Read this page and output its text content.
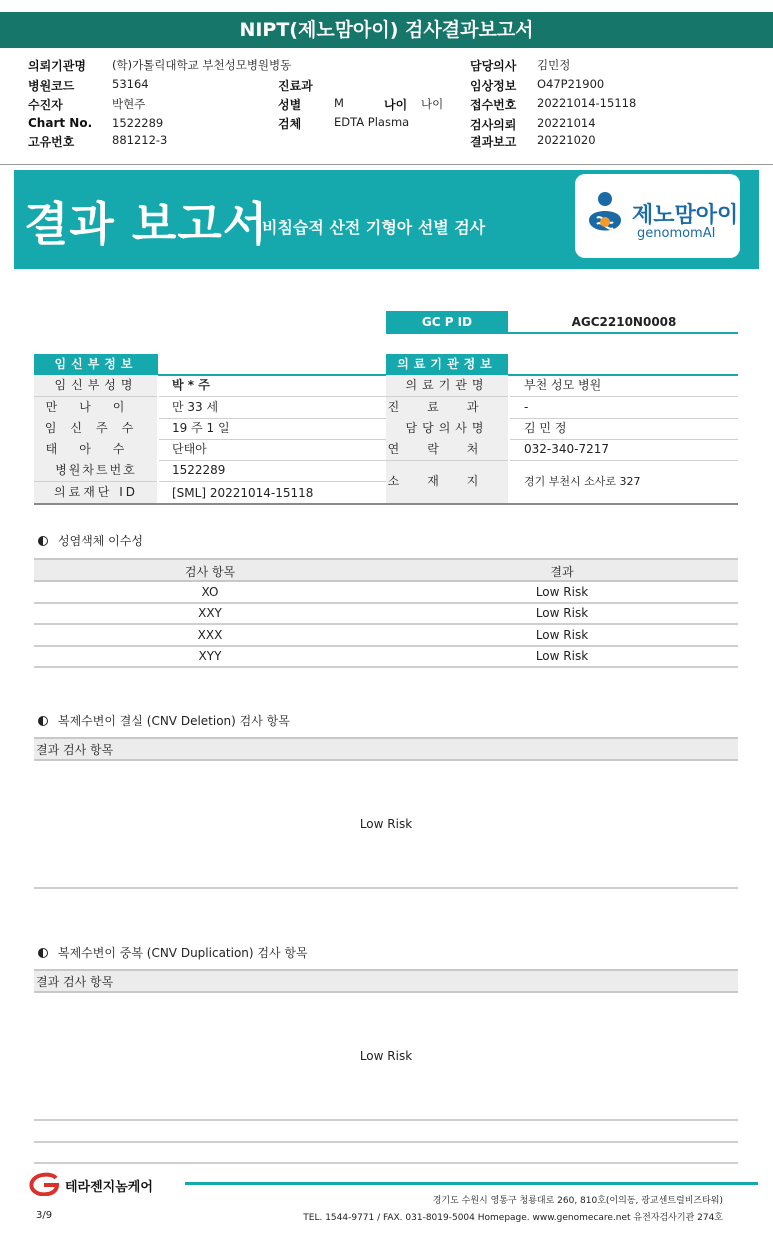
NIPT(제노맘아이) 검사결과보고서
의뢰기관명 (학)가톨릭대학교 부천성모병원병동	담당의사 김민정
병원코드	53164	진료과	임상정보 O47P21900
수진자	박현주	성별	M	나이 나이 접수번호 20221014-15118
Chart No. 1522289	검체	EDTA Plasma	검사의뢰 20221014
고유번호	881212-3	결과보고 20221020
결과 보고서
비침습적 산전 기형아 선별 검사	제노맘아이
genomomAI
GC P ID	AGC2210N0008
임신부정보
임신부성명	박 * 주
만나이	만 33 세
임신주수	19 주 1 일
태아수	단태아
병원차트번호	1522289
의료재단 ID	[SML] 20221014-15118
의료기관정보
의료기관명	부천 성모 병원
진료과	-
담당의사명	김 민 정
연락처	032-340-7217
소재지	경기 부천시 소사로 327
성염색체 이수성
검사 항목	결과
XO	Low Risk
XXY	Low Risk
XXX	Low Risk
XYY	Low Risk
복제수변이 결실 (CNV Deletion) 검사 항목
결과 검사 항목
Low Risk
복제수변이 중복 (CNV Duplication) 검사 항목
결과 검사 항목
Low Risk
테라젠지놈케어
경기도 수원시 영통구 청룡대로 260, 810호(이의동, 광교센트럴비즈타워)
TEL. 1544-9771 / FAX. 031-8019-5004 Homepage. www.genomecare.net 유전자검사기관 274호
3/9
